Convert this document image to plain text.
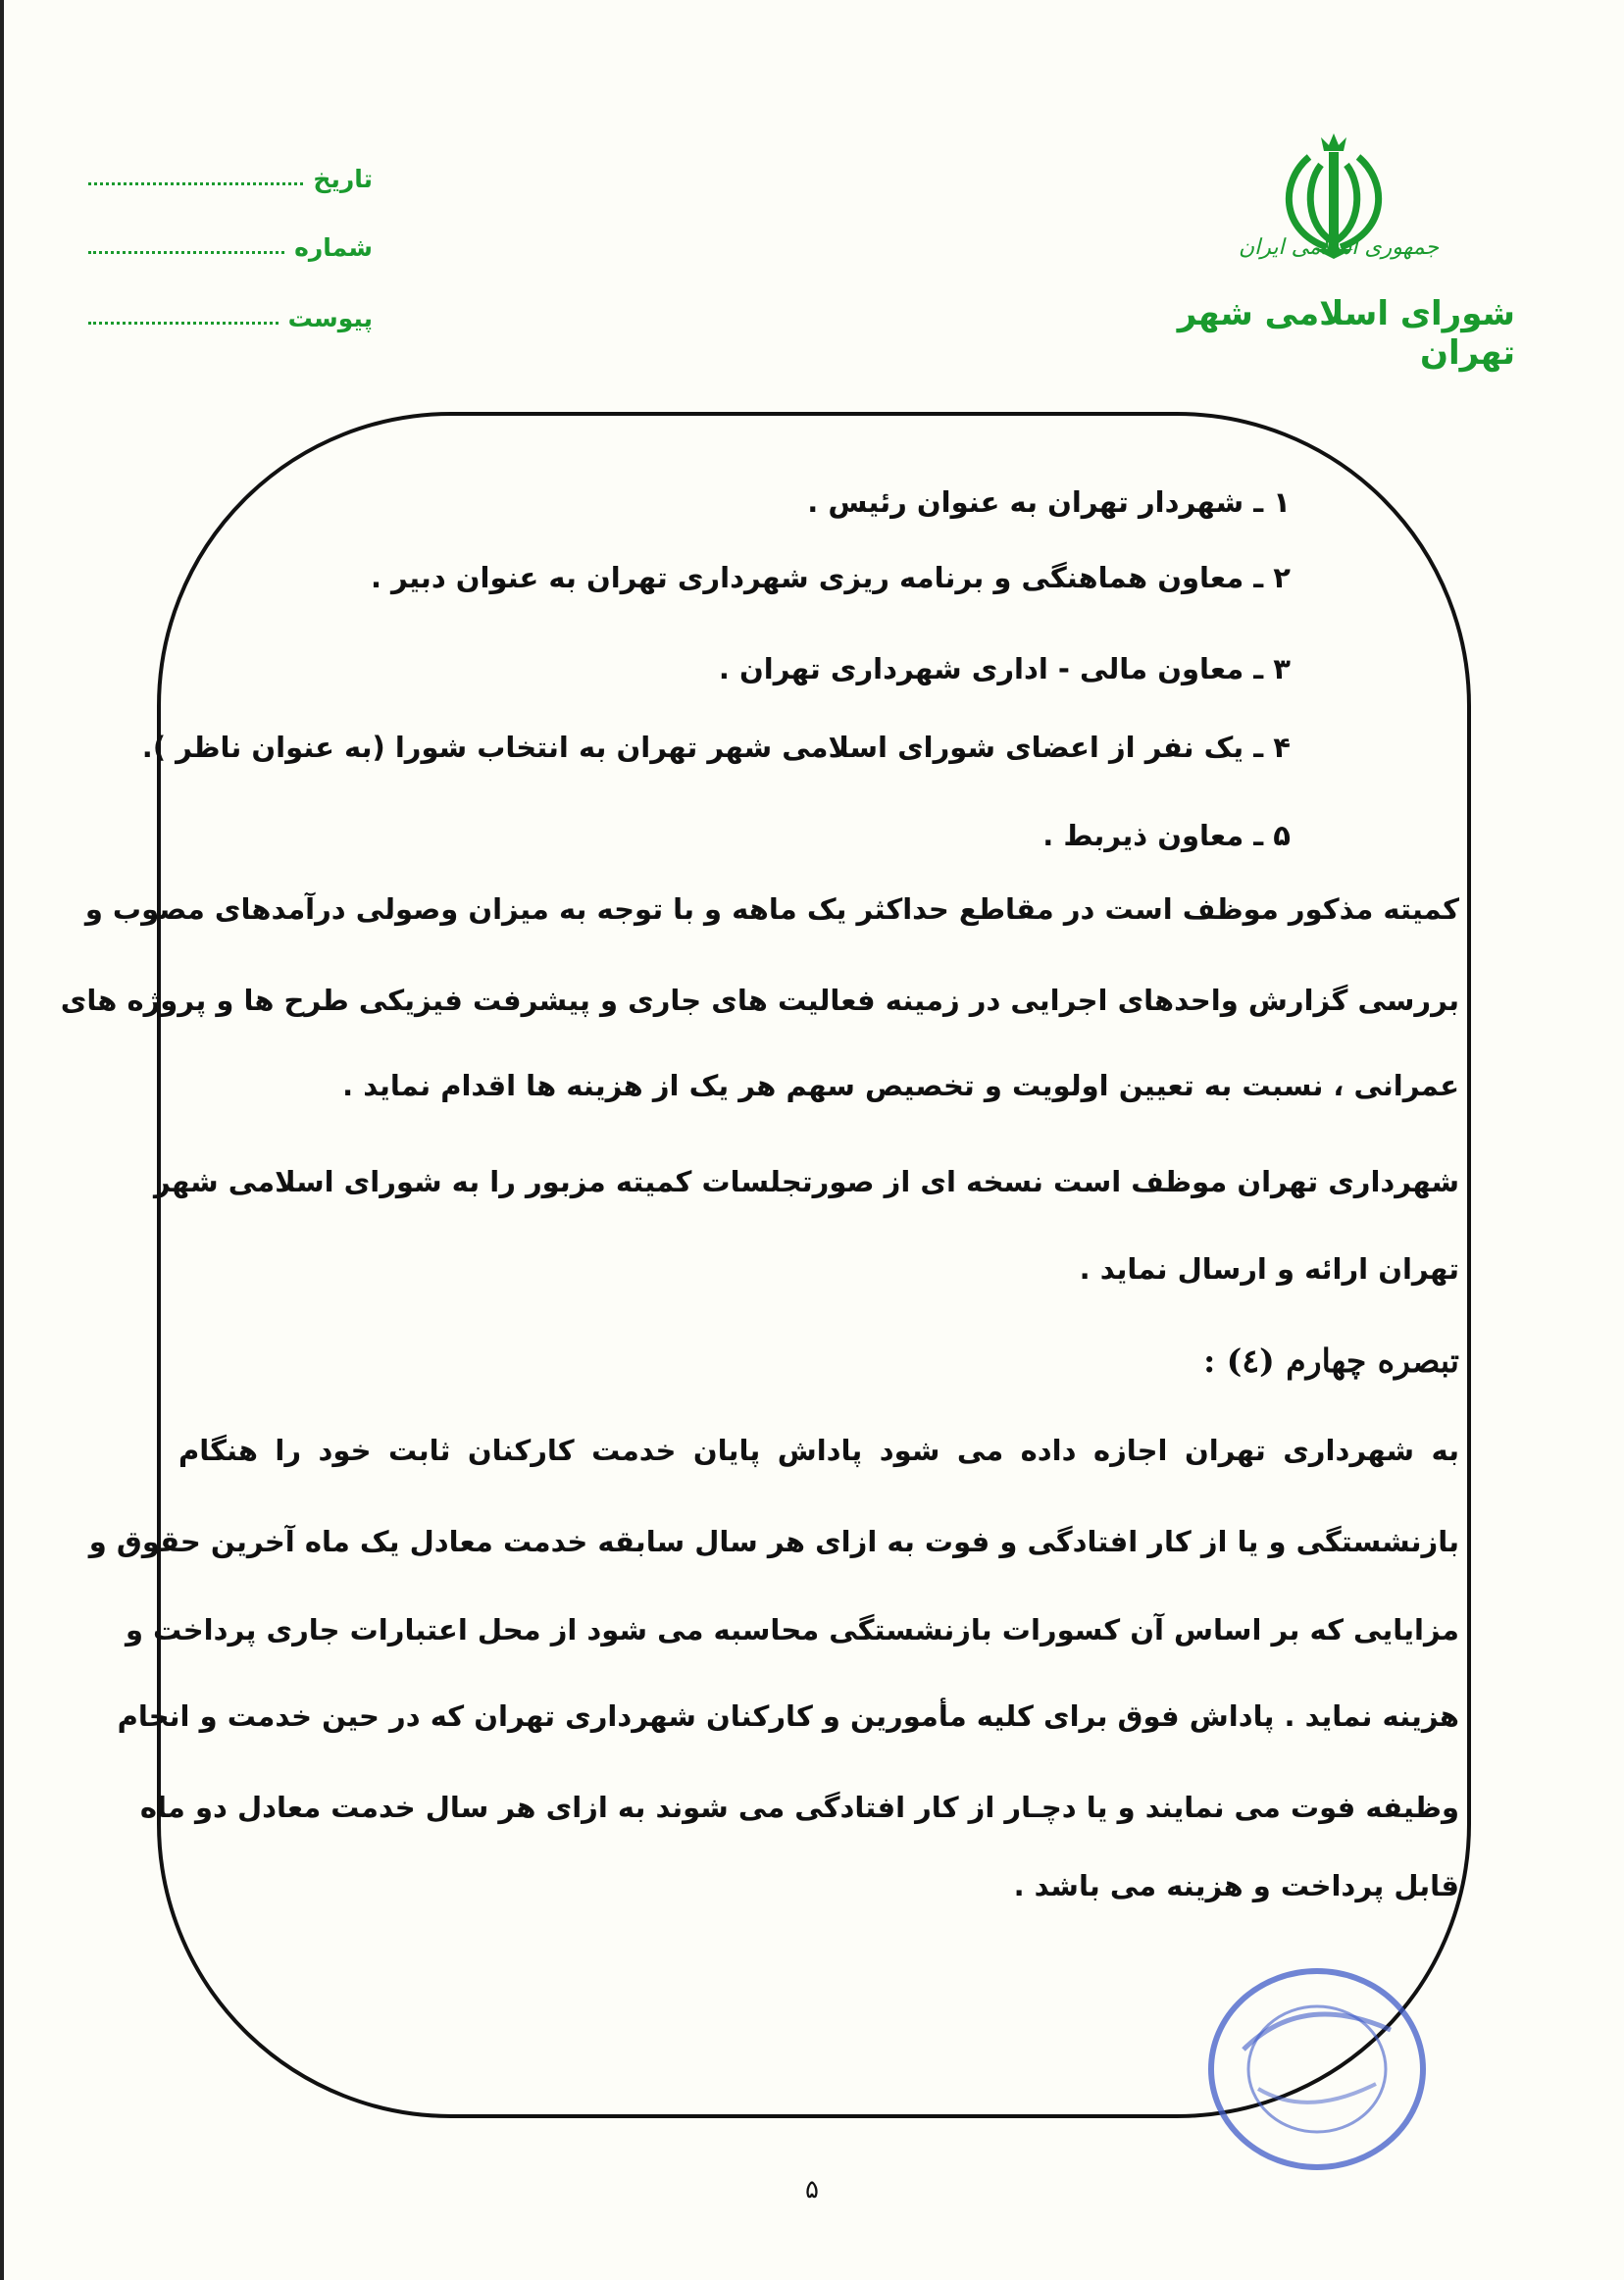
تاریخ
شماره
پیوست
جمهوری اسلامی ایران
شورای اسلامی شهر تهران
۱ ـ شهردار تهران به عنوان رئیس .
۲ ـ معاون هماهنگی و برنامه ریزی شهرداری تهران به عنوان دبیر .
۳ ـ معاون مالی - اداری شهرداری تهران .
۴ ـ یک نفر از اعضای شورای اسلامی شهر تهران به انتخاب شورا (به عنوان ناظر ).
۵ ـ معاون ذیربط .
کمیته مذکور موظف است در مقاطع حداکثر یک ماهه و با توجه به میزان وصولی درآمدهای مصوب و
بررسی گزارش واحدهای اجرایی در زمینه فعالیت های جاری و پیشرفت فیزیکی طرح ها و پروژه های
عمرانی ، نسبت به تعیین اولویت و تخصیص سهم هر یک از هزینه ها اقدام نماید .
شهرداری تهران موظف است نسخه ای از صورتجلسات کمیته مزبور را به شورای اسلامی شهر
تهران ارائه و ارسال نماید .
تبصره چهارم (٤) :
به شهرداری تهران اجازه داده می شود پاداش پایان خدمت کارکنان ثابت خود را هنگام
بازنشستگی و یا از کار افتادگی و فوت به ازای هر سال سابقه خدمت معادل یک ماه آخرین حقوق و
مزایایی که بر اساس آن کسورات بازنشستگی محاسبه می شود از محل اعتبارات جاری پرداخت و
هزینه نماید . پاداش فوق برای کلیه مأمورین و کارکنان شهرداری تهران که در حین خدمت و انجام
وظیفه فوت می نمایند و یا دچـار از کار افتادگی می شوند به ازای هر سال خدمت معادل دو ماه
قابل پرداخت و هزینه می باشد .
۵
